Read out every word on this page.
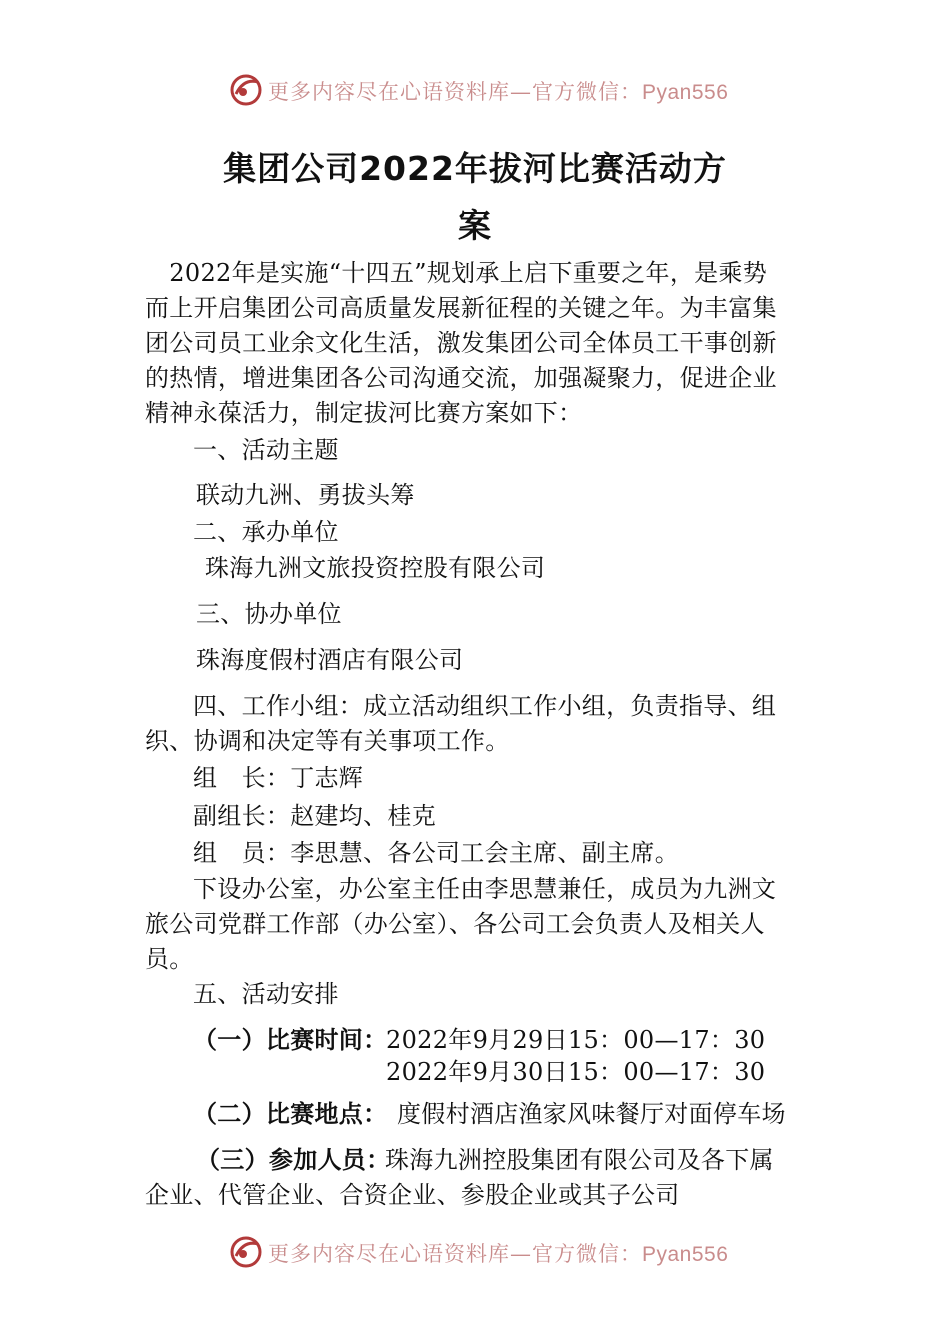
更多内容尽在心语资料库—官方微信：Pyan556
集团公司2022年拔河比赛活动方
案
　2022年是实施“十四五”规划承上启下重要之年，是乘势
而上开启集团公司高质量发展新征程的关键之年。为丰富集
团公司员工业余文化生活，激发集团公司全体员工干事创新
的热情，增进集团各公司沟通交流，加强凝聚力，促进企业
精神永葆活力，制定拔河比赛方案如下：
一、活动主题
联动九洲、勇拔头筹
二、承办单位
珠海九洲文旅投资控股有限公司
三、协办单位
珠海度假村酒店有限公司
四、工作小组：成立活动组织工作小组，负责指导、组
织、协调和决定等有关事项工作。
组　长：丁志辉
副组长：赵建均、桂克
组　员：李思慧、各公司工会主席、副主席。
下设办公室，办公室主任由李思慧兼任，成员为九洲文
旅公司党群工作部（办公室）、各公司工会负责人及相关人
员。
五、活动安排
（一）比赛时间：
2022年9月29日15：00—17：30
2022年9月30日15：00—17：30
（二）比赛地点： 度假村酒店渔家风味餐厅对面停车场
（三）参加人员：
珠海九洲控股集团有限公司及各下属
企业、代管企业、合资企业、参股企业或其子公司
更多内容尽在心语资料库—官方微信：Pyan556
